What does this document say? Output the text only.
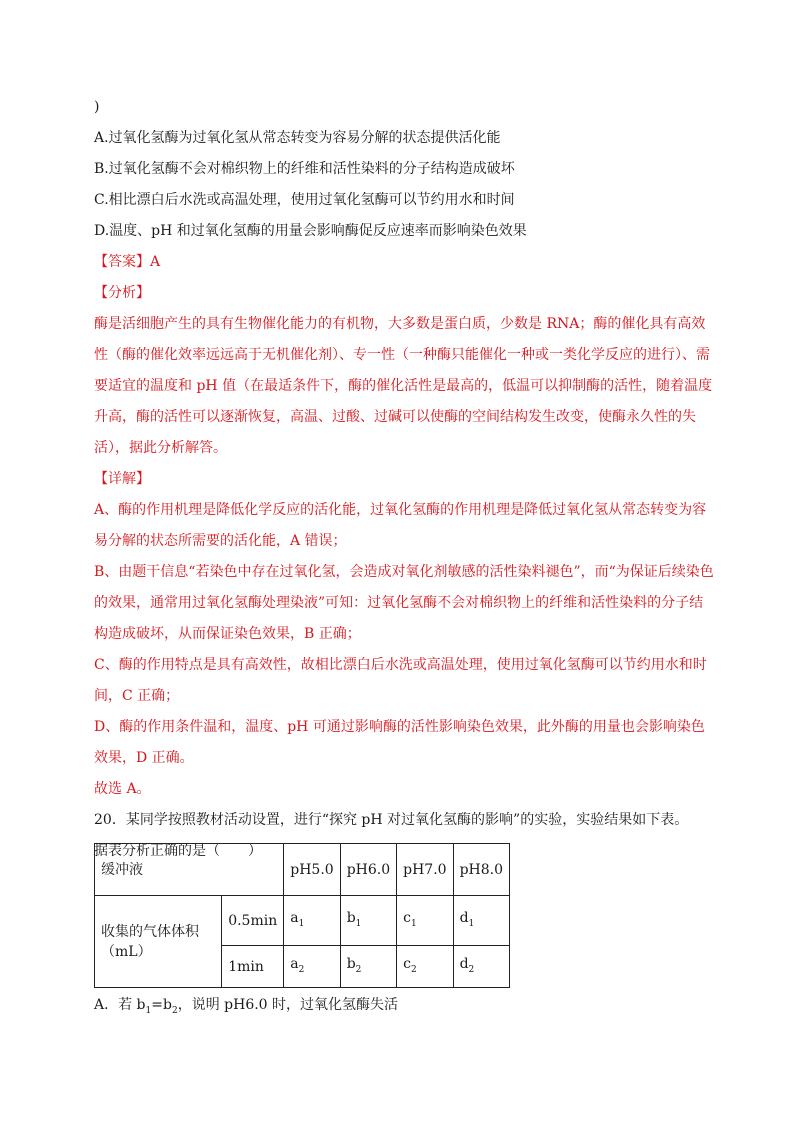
)
A.过氧化氢酶为过氧化氢从常态转变为容易分解的状态提供活化能
B.过氧化氢酶不会对棉织物上的纤维和活性染料的分子结构造成破坏
C.相比漂白后水洗或高温处理，使用过氧化氢酶可以节约用水和时间
D.温度、pH 和过氧化氢酶的用量会影响酶促反应速率而影响染色效果
【答案】A
【分析】
酶是活细胞产生的具有生物催化能力的有机物，大多数是蛋白质，少数是 RNA；酶的催化具有高效性（酶的催化效率远远高于无机催化剂）、专一性（一种酶只能催化一种或一类化学反应的进行）、需要适宜的温度和 pH 值（在最适条件下，酶的催化活性是最高的，低温可以抑制酶的活性，随着温度升高，酶的活性可以逐渐恢复，高温、过酸、过碱可以使酶的空间结构发生改变，使酶永久性的失活），据此分析解答。
【详解】
A、酶的作用机理是降低化学反应的活化能，过氧化氢酶的作用机理是降低过氧化氢从常态转变为容易分解的状态所需要的活化能，A 错误；
B、由题干信息“若染色中存在过氧化氢，会造成对氧化剂敏感的活性染料褪色”，而“为保证后续染色的效果，通常用过氧化氢酶处理染液”可知：过氧化氢酶不会对棉织物上的纤维和活性染料的分子结构造成破坏，从而保证染色效果，B 正确；
C、酶的作用特点是具有高效性，故相比漂白后水洗或高温处理，使用过氧化氢酶可以节约用水和时间，C 正确；
D、酶的作用条件温和，温度、pH 可通过影响酶的活性影响染色效果，此外酶的用量也会影响染色效果，D 正确。
故选 A。
20．某同学按照教材活动设置，进行“探究 pH 对过氧化氢酶的影响”的实验，实验结果如下表。
据表分析正确的是（　　）
缓冲液		pH5.0	pH6.0	pH7.0	pH8.0
收集的气体体积（mL）	0.5min	$a_1$	$b_1$	$c_1$	$d_1$
	1min	$a_2$	$b_2$	$c_2$	$d_2$
A．若 $b_1=b_2$，说明 pH6.0 时，过氧化氢酶失活
